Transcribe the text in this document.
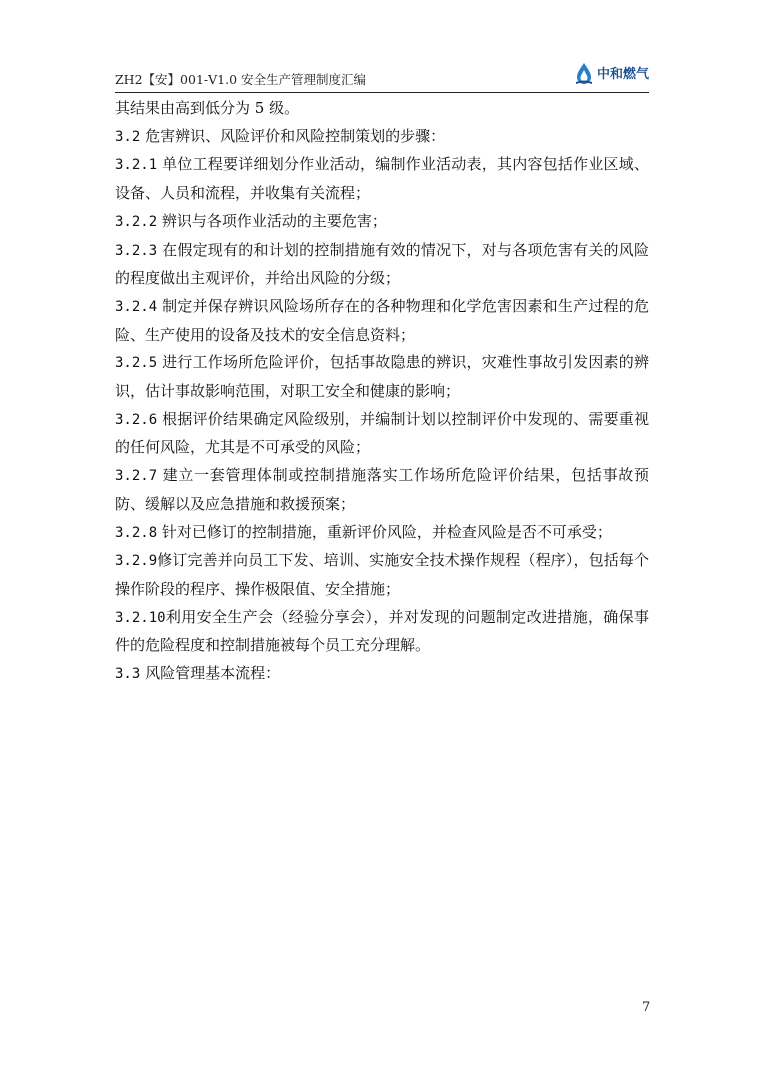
ZH2【安】001-V1.0 安全生产管理制度汇编	中和燃气

其结果由高到低分为 5 级。

3.2 危害辨识、风险评价和风险控制策划的步骤：

3.2.1 单位工程要详细划分作业活动，编制作业活动表，其内容包括作业区域、设备、人员和流程，并收集有关流程；

3.2.2 辨识与各项作业活动的主要危害；

3.2.3 在假定现有的和计划的控制措施有效的情况下，对与各项危害有关的风险的程度做出主观评价，并给出风险的分级；

3.2.4 制定并保存辨识风险场所存在的各种物理和化学危害因素和生产过程的危险、生产使用的设备及技术的安全信息资料；

3.2.5 进行工作场所危险评价，包括事故隐患的辨识，灾难性事故引发因素的辨识，估计事故影响范围，对职工安全和健康的影响；

3.2.6 根据评价结果确定风险级别，并编制计划以控制评价中发现的、需要重视的任何风险，尤其是不可承受的风险；

3.2.7 建立一套管理体制或控制措施落实工作场所危险评价结果，包括事故预防、缓解以及应急措施和救援预案；

3.2.8 针对已修订的控制措施，重新评价风险，并检查风险是否不可承受；

3.2.9修订完善并向员工下发、培训、实施安全技术操作规程（程序），包括每个操作阶段的程序、操作极限值、安全措施；

3.2.10利用安全生产会（经验分享会），并对发现的问题制定改进措施，确保事件的危险程度和控制措施被每个员工充分理解。

3.3 风险管理基本流程：

7
